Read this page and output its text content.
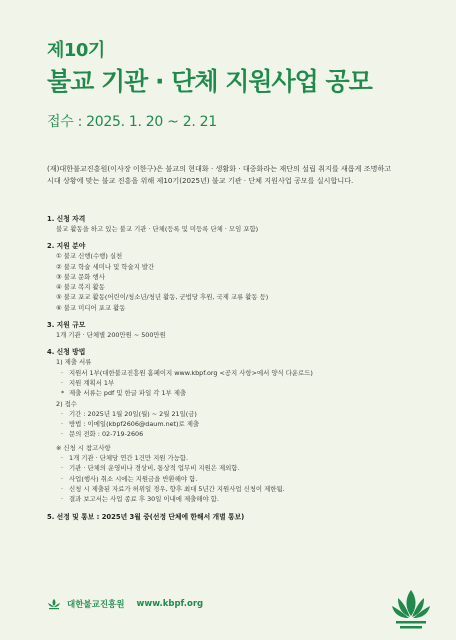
제10기
불교 기관 · 단체 지원사업 공모
접수 : 2025. 1. 20 ~ 2. 21

(재)대한불교진흥원(이사장 이한구)은 불교의 현대화 · 생활화 · 대중화라는 재단의 설립 취지를 새롭게 조명하고

시대 상황에 맞는 불교 진흥을 위해 제10기(2025년) 불교 기관 · 단체 지원사업 공모를 실시합니다.

1. 신청 자격
불교 활동을 하고 있는 불교 기관 · 단체(등록 및 미등록 단체 · 모임 포함)
2. 지원 분야
① 불교 신행(수행) 실천
② 불교 학술 세미나 및 학술지 발간
③ 불교 문화 행사
④ 불교 복지 활동
⑤ 불교 포교 활동(어린이/청소년/청년 활동, 군법당 후원, 국제 교류 활동 등)
⑥ 불교 미디어 포교 활동
3. 지원 규모
1개 기관 · 단체별 200만원 ~ 500만원
4. 신청 방법
1) 제출 서류
· 지원서 1부(대한불교진흥원 홈페이지 www.kbpf.org <공지 사항>에서 양식 다운로드)
· 지원 계획서 1부
* 제출 서류는 pdf 및 한글 파일 각 1부 제출
2) 접수
· 기간 : 2025년 1월 20일(월) ~ 2월 21일(금)
· 방법 : 이메일(kbpf2606@daum.net)로 제출
· 문의 전화 : 02-719-2606
※ 신청 시 참고사항
· 1개 기관 · 단체당 연간 1건만 지원 가능함.
· 기관 · 단체의 운영비나 경상비, 통상적 업무비 지원은 제외함.
· 사업(행사) 취소 시에는 지원금을 반환해야 함.
· 신청 시 제출된 자료가 허위일 경우, 향후 최대 5년간 지원사업 신청이 제한됨.
· 결과 보고서는 사업 종료 후 30일 이내에 제출해야 함.
5. 선정 및 통보 : 2025년 3월 중(선정 단체에 한해서 개별 통보)
대한불교진흥원 www.kbpf.org
